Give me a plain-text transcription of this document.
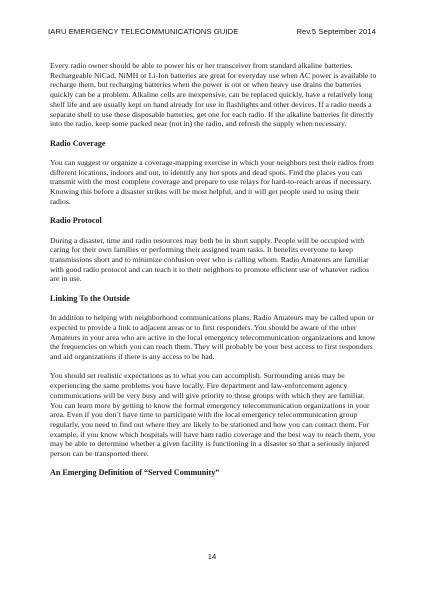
IARU EMERGENCY TELECOMMUNICATIONS GUIDE	Rev.5 September 2014

Every radio owner should be able to power his or her transceiver from standard alkaline batteries. Rechargeable NiCad, NiMH or Li-Ion batteries are great for everyday use when AC power is available to recharge them, but recharging batteries when the power is out or when heavy use drains the batteries quickly can be a problem. Alkaline cells are inexpensive, can be replaced quickly, have a relatively long shelf life and are usually kept on hand already for use in flashlights and other devices. If a radio needs a separate shell to use these disposable batteries, get one for each radio. If the alkaline batteries fit directly into the radio, keep some packed near (not in) the radio, and refresh the supply when necessary.

Radio Coverage

You can suggest or organize a coverage-mapping exercise in which your neighbors test their radios from different locations, indoors and out, to identify any hot spots and dead spots. Find the places you can transmit with the most complete coverage and prepare to use relays for hard-to-reach areas if necessary. Knowing this before a disaster strikes will be most helpful, and it will get people used to using their radios.

Radio Protocol

During a disaster, time and radio resources may both be in short supply. People will be occupied with caring for their own families or performing their assigned team tasks. It benefits everyone to keep transmissions short and to minimize confusion over who is calling whom. Radio Amateurs are familiar with good radio protocol and can teach it to their neighbors to promote efficient use of whatever radios are in use.

Linking To the Outside

In addition to helping with neighborhood communications plans, Radio Amateurs may be called upon or expected to provide a link to adjacent areas or to first responders. You should be aware of the other Amateurs in your area who are active in the local emergency telecommunication organizations and know the frequencies on which you can reach them. They will probably be your best access to first responders and aid organizations if there is any access to be had.

You should set realistic expectations as to what you can accomplish. Surrounding areas may be experiencing the same problems you have locally. Fire department and law-enforcement agency communications will be very busy and will give priority to those groups with which they are familiar. You can learn more by getting to know the formal emergency telecommunication organizations in your area. Even if you don’t have time to participate with the local emergency telecommunication group regularly, you need to find out where they are likely to be stationed and how you can contact them. For example, if you know which hospitals will have ham radio coverage and the best way to reach them, you may be able to determine whether a given facility is functioning in a disaster so that a seriously injured person can be transported there.

An Emerging Definition of “Served Community”
14
